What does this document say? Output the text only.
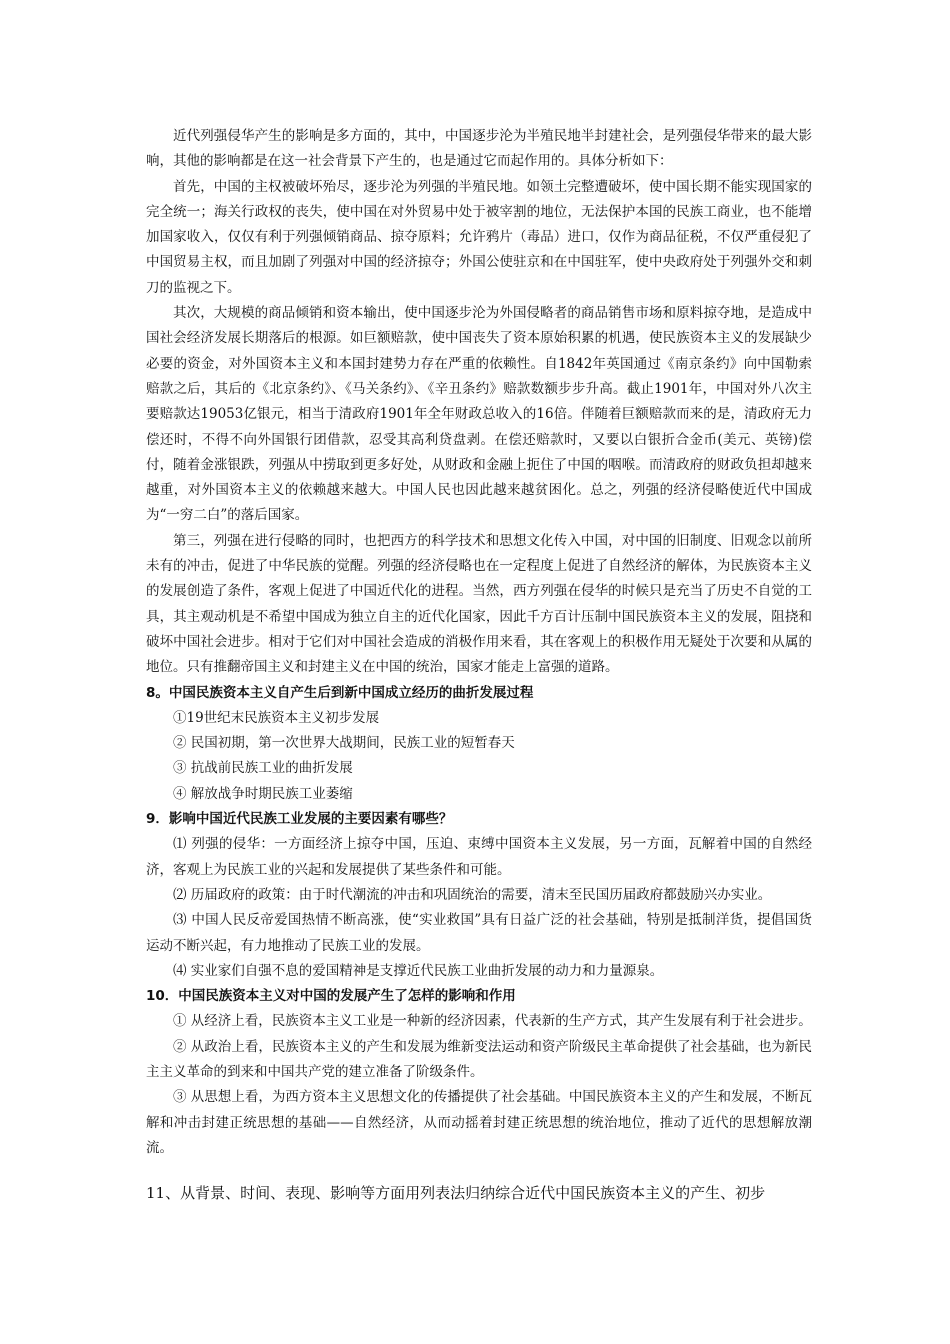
近代列强侵华产生的影响是多方面的，其中，中国逐步沦为半殖民地半封建社会，是列强侵华带来的最大影响，其他的影响都是在这一社会背景下产生的，也是通过它而起作用的。具体分析如下：

首先，中国的主权被破坏殆尽，逐步沦为列强的半殖民地。如领土完整遭破坏，使中国长期不能实现国家的完全统一；海关行政权的丧失，使中国在对外贸易中处于被宰割的地位，无法保护本国的民族工商业，也不能增加国家收入，仅仅有利于列强倾销商品、掠夺原料；允许鸦片（毒品）进口，仅作为商品征税，不仅严重侵犯了中国贸易主权，而且加剧了列强对中国的经济掠夺；外国公使驻京和在中国驻军，使中央政府处于列强外交和刺刀的监视之下。

其次，大规模的商品倾销和资本输出，使中国逐步沦为外国侵略者的商品销售市场和原料掠夺地，是造成中国社会经济发展长期落后的根源。如巨额赔款，使中国丧失了资本原始积累的机遇，使民族资本主义的发展缺少必要的资金，对外国资本主义和本国封建势力存在严重的依赖性。自1842年英国通过《南京条约》向中国勒索赔款之后，其后的《北京条约》、《马关条约》、《辛丑条约》赔款数额步步升高。截止1901年，中国对外八次主要赔款达19053亿银元，相当于清政府1901年全年财政总收入的16倍。伴随着巨额赔款而来的是，清政府无力偿还时，不得不向外国银行团借款，忍受其高利贷盘剥。在偿还赔款时，又要以白银折合金币(美元、英镑)偿付，随着金涨银跌，列强从中捞取到更多好处，从财政和金融上扼住了中国的咽喉。而清政府的财政负担却越来越重，对外国资本主义的依赖越来越大。中国人民也因此越来越贫困化。总之，列强的经济侵略使近代中国成为“一穷二白”的落后国家。

第三，列强在进行侵略的同时，也把西方的科学技术和思想文化传入中国，对中国的旧制度、旧观念以前所未有的冲击，促进了中华民族的觉醒。列强的经济侵略也在一定程度上促进了自然经济的解体，为民族资本主义的发展创造了条件，客观上促进了中国近代化的进程。当然，西方列强在侵华的时候只是充当了历史不自觉的工具，其主观动机是不希望中国成为独立自主的近代化国家，因此千方百计压制中国民族资本主义的发展，阻挠和破坏中国社会进步。相对于它们对中国社会造成的消极作用来看，其在客观上的积极作用无疑处于次要和从属的地位。只有推翻帝国主义和封建主义在中国的统治，国家才能走上富强的道路。

8。中国民族资本主义自产生后到新中国成立经历的曲折发展过程

①19世纪末民族资本主义初步发展

② 民国初期，第一次世界大战期间，民族工业的短暂春天

③ 抗战前民族工业的曲折发展

④ 解放战争时期民族工业萎缩

9．影响中国近代民族工业发展的主要因素有哪些？

⑴ 列强的侵华：一方面经济上掠夺中国，压迫、束缚中国资本主义发展，另一方面，瓦解着中国的自然经济，客观上为民族工业的兴起和发展提供了某些条件和可能。

⑵ 历届政府的政策：由于时代潮流的冲击和巩固统治的需要，清末至民国历届政府都鼓励兴办实业。

⑶ 中国人民反帝爱国热情不断高涨，使“实业救国”具有日益广泛的社会基础，特别是抵制洋货，提倡国货运动不断兴起，有力地推动了民族工业的发展。

⑷ 实业家们自强不息的爱国精神是支撑近代民族工业曲折发展的动力和力量源泉。

10．中国民族资本主义对中国的发展产生了怎样的影响和作用

① 从经济上看，民族资本主义工业是一种新的经济因素，代表新的生产方式，其产生发展有利于社会进步。

② 从政治上看，民族资本主义的产生和发展为维新变法运动和资产阶级民主革命提供了社会基础，也为新民主主义革命的到来和中国共产党的建立准备了阶级条件。

③ 从思想上看，为西方资本主义思想文化的传播提供了社会基础。中国民族资本主义的产生和发展，不断瓦解和冲击封建正统思想的基础——自然经济，从而动摇着封建正统思想的统治地位，推动了近代的思想解放潮流。

11、从背景、时间、表现、影响等方面用列表法归纳综合近代中国民族资本主义的产生、初步
